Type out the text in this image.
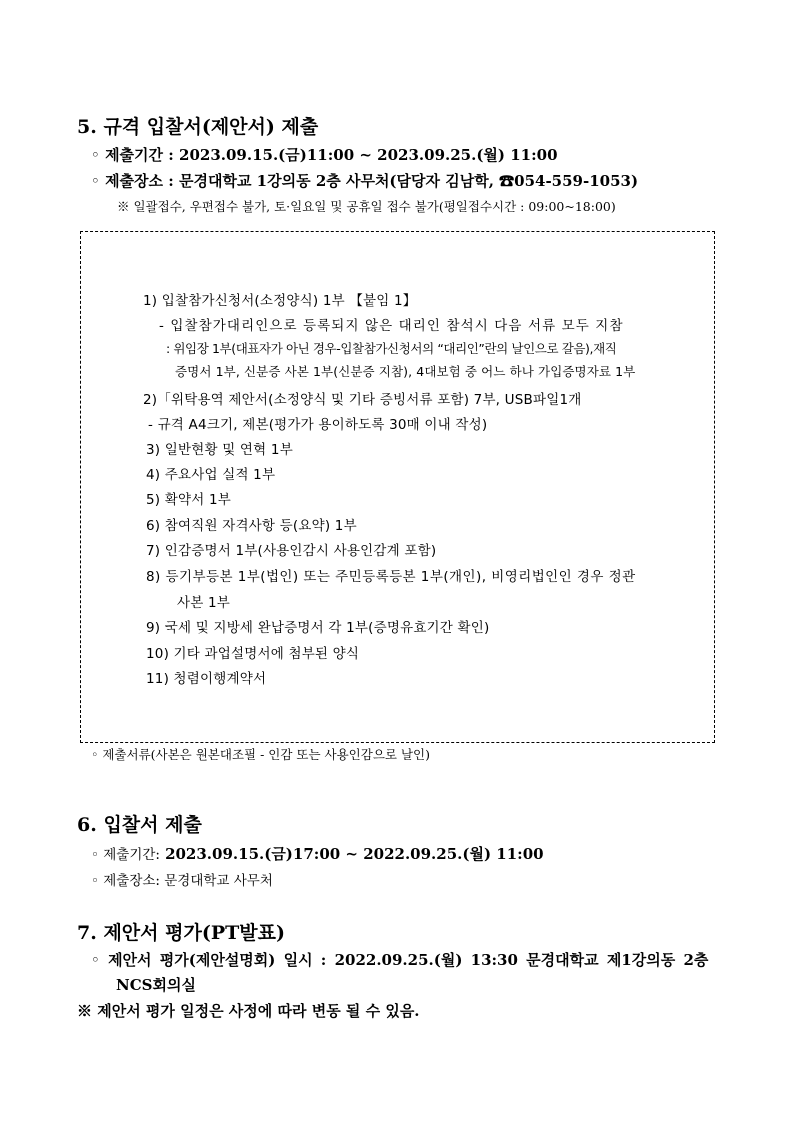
5. 규격 입찰서(제안서) 제출
◦ 제출기간 : 2023.09.15.(금)11:00 ~ 2023.09.25.(월) 11:00
◦ 제출장소 : 문경대학교 1강의동 2층 사무처(담당자 김남학, ☎054-559-1053)
※ 일괄접수, 우편접수 불가, 토·일요일 및 공휴일 접수 불가(평일접수시간 : 09:00~18:00)
1) 입찰참가신청서(소정양식) 1부 【붙임 1】
- 입찰참가대리인으로 등록되지 않은 대리인 참석시 다음 서류 모두 지참
: 위임장 1부(대표자가 아닌 경우-입찰참가신청서의 “대리인”란의 날인으로 갈음),재직
증명서 1부, 신분증 사본 1부(신분증 지참), 4대보험 중 어느 하나 가입증명자료 1부
2)「위탁용역 제안서(소정양식 및 기타 증빙서류 포함) 7부, USB파일1개
- 규격 A4크기, 제본(평가가 용이하도록 30매 이내 작성)
3) 일반현황 및 연혁 1부
4) 주요사업 실적 1부
5) 확약서 1부
6) 참여직원 자격사항 등(요약) 1부
7) 인감증명서 1부(사용인감시 사용인감계 포함)
8) 등기부등본 1부(법인) 또는 주민등록등본 1부(개인), 비영리법인인 경우 정관
사본 1부
9) 국세 및 지방세 완납증명서 각 1부(증명유효기간 확인)
10) 기타 과업설명서에 첨부된 양식
11) 청렴이행계약서
◦ 제출서류(사본은 원본대조필 - 인감 또는 사용인감으로 날인)
6. 입찰서 제출
◦ 제출기간: 2023.09.15.(금)17:00 ~ 2022.09.25.(월) 11:00
◦ 제출장소: 문경대학교 사무처
7. 제안서 평가(PT발표)
◦ 제안서 평가(제안설명회) 일시 : 2022.09.25.(월) 13:30 문경대학교 제1강의동 2층
NCS회의실
※ 제안서 평가 일정은 사정에 따라 변동 될 수 있음.
